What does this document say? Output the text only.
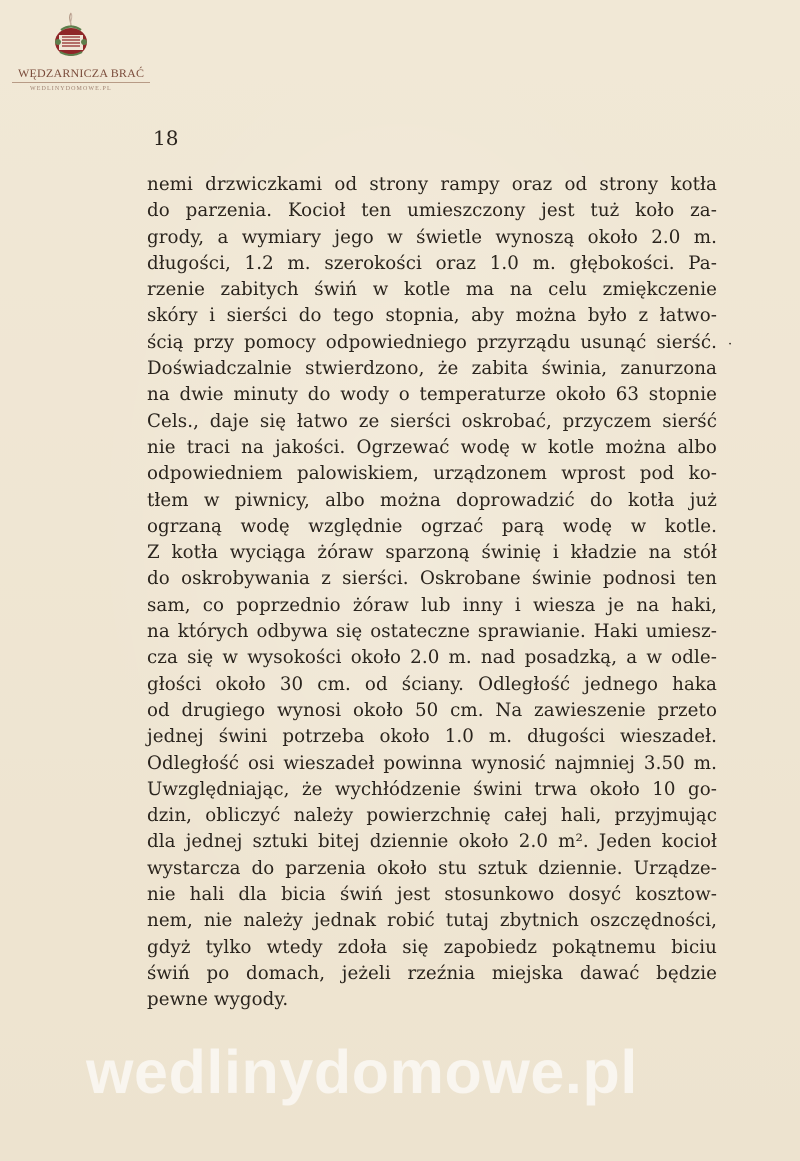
WĘDZARNICZA BRAĆ
WEDLINYDOMOWE.PL
18
nemi drzwiczkami od strony rampy oraz od strony kotła
do parzenia. Kocioł ten umieszczony jest tuż koło za-
grody, a wymiary jego w świetle wynoszą około 2.0 m.
długości, 1.2 m. szerokości oraz 1.0 m. głębokości. Pa-
rzenie zabitych świń w kotle ma na celu zmiękczenie
skóry i sierści do tego stopnia, aby można było z łatwo-
ścią przy pomocy odpowiedniego przyrządu usunąć sierść.
Doświadczalnie stwierdzono, że zabita świnia, zanurzona
na dwie minuty do wody o temperaturze około 63 stopnie
Cels., daje się łatwo ze sierści oskrobać, przyczem sierść
nie traci na jakości. Ogrzewać wodę w kotle można albo
odpowiedniem palowiskiem, urządzonem wprost pod ko-
tłem w piwnicy, albo można doprowadzić do kotła już
ogrzaną wodę względnie ogrzać parą wodę w kotle.
Z kotła wyciąga żóraw sparzoną świnię i kładzie na stół
do oskrobywania z sierści. Oskrobane świnie podnosi ten
sam, co poprzednio żóraw lub inny i wiesza je na haki,
na których odbywa się ostateczne sprawianie. Haki umiesz-
cza się w wysokości około 2.0 m. nad posadzką, a w odle-
głości około 30 cm. od ściany. Odległość jednego haka
od drugiego wynosi około 50 cm. Na zawieszenie przeto
jednej świni potrzeba około 1.0 m. długości wieszadeł.
Odległość osi wieszadeł powinna wynosić najmniej 3.50 m.
Uwzględniając, że wychłódzenie świni trwa około 10 go-
dzin, obliczyć należy powierzchnię całej hali, przyjmując
dla jednej sztuki bitej dziennie około 2.0 m². Jeden kocioł
wystarcza do parzenia około stu sztuk dziennie. Urządze-
nie hali dla bicia świń jest stosunkowo dosyć kosztow-
nem, nie należy jednak robić tutaj zbytnich oszczędności,
gdyż tylko wtedy zdoła się zapobiedz pokątnemu biciu
świń po domach, jeżeli rzeźnia miejska dawać będzie
pewne wygody.
·
wedlinydomowe.pl
